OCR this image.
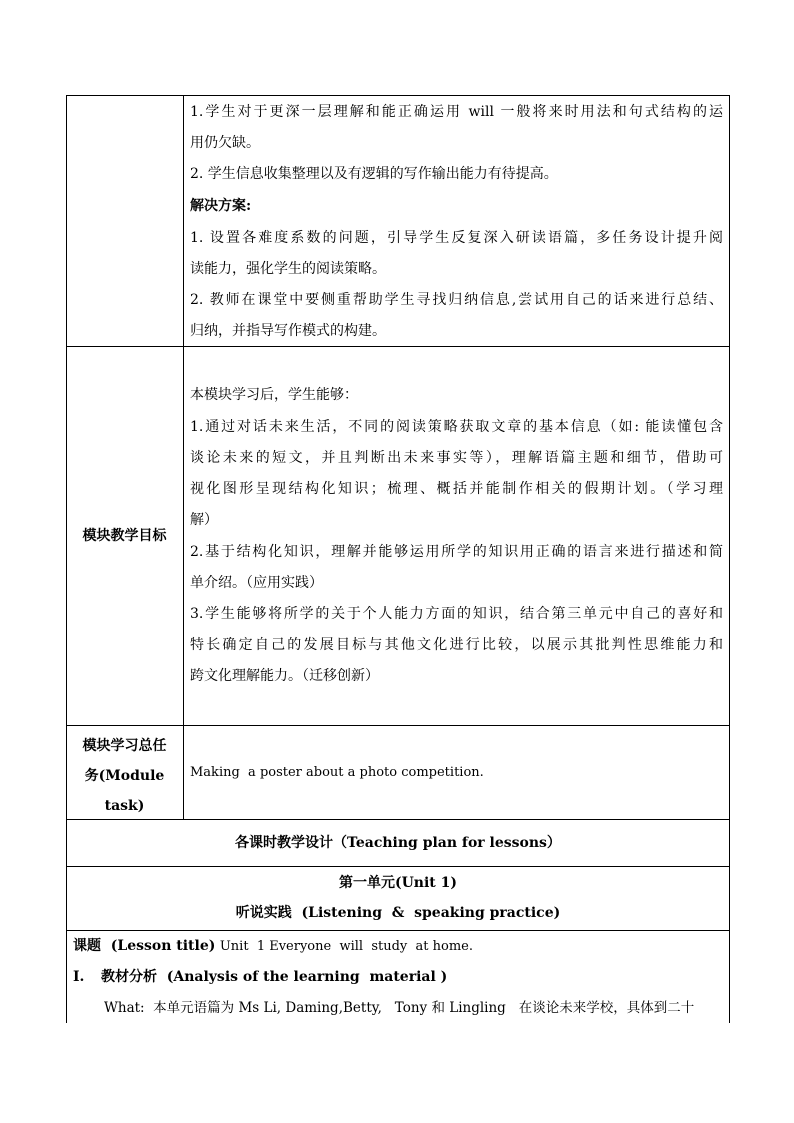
1.学生对于更深一层理解和能正确运用 will 一般将来时用法和句式结构的运
用仍欠缺。
2. 学生信息收集整理以及有逻辑的写作输出能力有待提高。
解决方案:
1. 设置各难度系数的问题，引导学生反复深入研读语篇，多任务设计提升阅
读能力，强化学生的阅读策略。
2. 教师在课堂中要侧重帮助学生寻找归纳信息,尝试用自己的话来进行总结、
归纳，并指导写作模式的构建。
模块教学目标
本模块学习后，学生能够：
1.通过对话未来生活，不同的阅读策略获取文章的基本信息（如: 能读懂包含
谈论未来的短文，并且判断出未来事实等），理解语篇主题和细节，借助可
视化图形呈现结构化知识；梳理、概括并能制作相关的假期计划。（学习理
解）
2.基于结构化知识，理解并能够运用所学的知识用正确的语言来进行描述和简
单介绍。（应用实践）
3.学生能够将所学的关于个人能力方面的知识，结合第三单元中自己的喜好和
特长确定自己的发展目标与其他文化进行比较，以展示其批判性思维能力和
跨文化理解能力。（迁移创新）
模块学习总任
务(Module
task)
Making  a poster about a photo competition.
各课时教学设计（Teaching plan for lessons）
第一单元(Unit 1)
听说实践  (Listening  &  speaking practice)
课题  (Lesson title) Unit  1 Everyone  will  study  at home.
I. 教材分析  (Analysis of the learning  material )
What:  本单元语篇为 Ms Li, Daming,Betty,   Tony 和 Lingling   在谈论未来学校，具体到二十
